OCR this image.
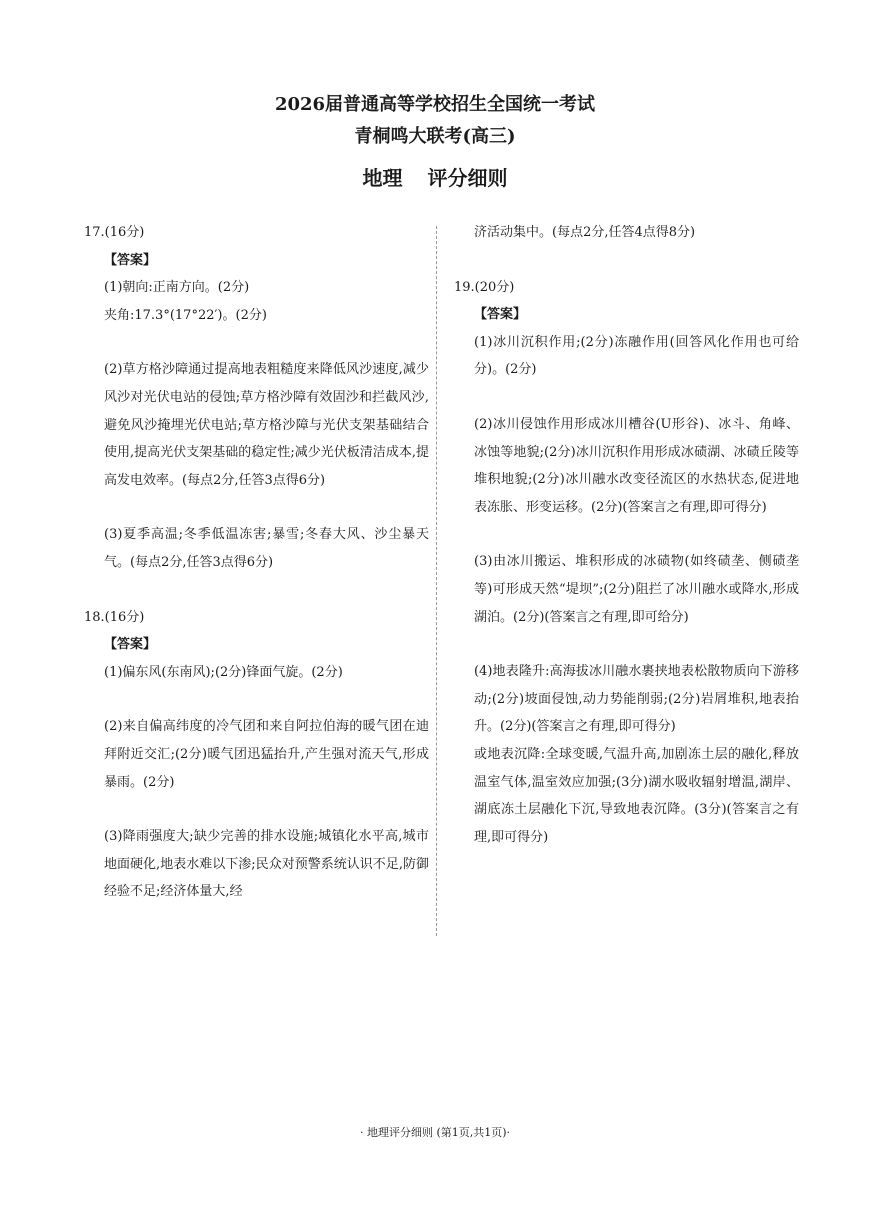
2026届普通高等学校招生全国统一考试
青桐鸣大联考(高三)
地理 评分细则

17.(16分)

【答案】

(1)朝向:正南方向。(2分)

夹角:17.3°(17°22′)。(2分)

(2)草方格沙障通过提高地表粗糙度来降低风沙速度,减少风沙对光伏电站的侵蚀;草方格沙障有效固沙和拦截风沙,避免风沙掩埋光伏电站;草方格沙障与光伏支架基础结合使用,提高光伏支架基础的稳定性;减少光伏板清洁成本,提高发电效率。(每点2分,任答3点得6分)

(3)夏季高温;冬季低温冻害;暴雪;冬春大风、沙尘暴天气。(每点2分,任答3点得6分)

18.(16分)

【答案】

(1)偏东风(东南风);(2分)锋面气旋。(2分)

(2)来自偏高纬度的冷气团和来自阿拉伯海的暖气团在迪拜附近交汇;(2分)暖气团迅猛抬升,产生强对流天气,形成暴雨。(2分)

(3)降雨强度大;缺少完善的排水设施;城镇化水平高,城市地面硬化,地表水难以下渗;民众对预警系统认识不足,防御经验不足;经济体量大,经

济活动集中。(每点2分,任答4点得8分)

19.(20分)

【答案】

(1)冰川沉积作用;(2分)冻融作用(回答风化作用也可给分)。(2分)

(2)冰川侵蚀作用形成冰川槽谷(U形谷)、冰斗、角峰、冰蚀等地貌;(2分)冰川沉积作用形成冰碛湖、冰碛丘陵等堆积地貌;(2分)冰川融水改变径流区的水热状态,促进地表冻胀、形变运移。(2分)(答案言之有理,即可得分)

(3)由冰川搬运、堆积形成的冰碛物(如终碛垄、侧碛垄等)可形成天然“堤坝”;(2分)阻拦了冰川融水或降水,形成湖泊。(2分)(答案言之有理,即可给分)

(4)地表隆升:高海拔冰川融水裹挟地表松散物质向下游移动;(2分)坡面侵蚀,动力势能削弱;(2分)岩屑堆积,地表抬升。(2分)(答案言之有理,即可得分)

或地表沉降:全球变暖,气温升高,加剧冻土层的融化,释放温室气体,温室效应加强;(3分)湖水吸收辐射增温,湖岸、湖底冻土层融化下沉,导致地表沉降。(3分)(答案言之有理,即可得分)

· 地理评分细则 (第1页,共1页)·
